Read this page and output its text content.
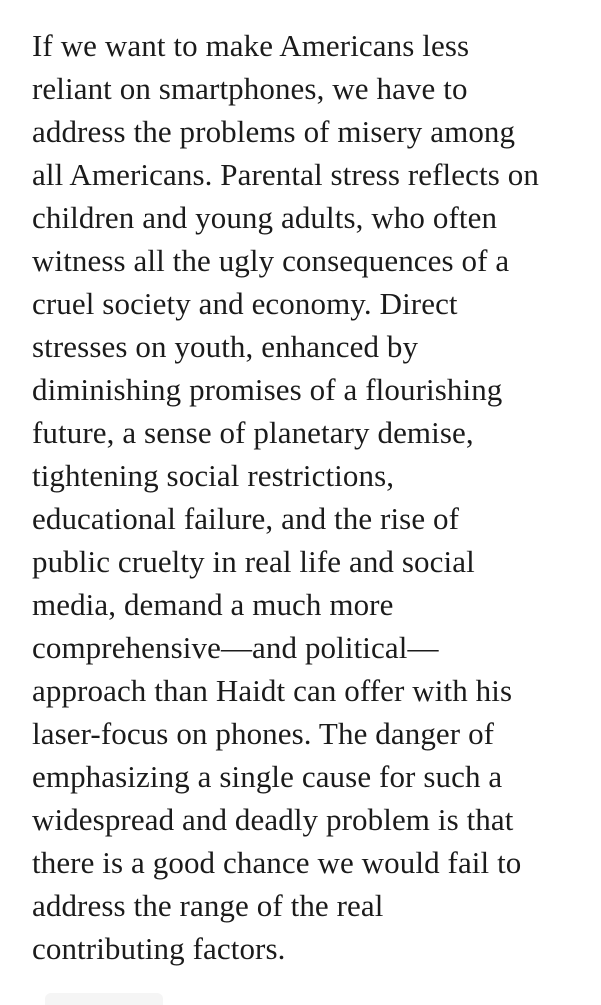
If we want to make Americans less
reliant on smartphones, we have to
address the problems of misery among
all Americans. Parental stress reflects on
children and young adults, who often
witness all the ugly consequences of a
cruel society and economy. Direct
stresses on youth, enhanced by
diminishing promises of a flourishing
future, a sense of planetary demise,
tightening social restrictions,
educational failure, and the rise of
public cruelty in real life and social
media, demand a much more
comprehensive—and political—
approach than Haidt can offer with his
laser-focus on phones. The danger of
emphasizing a single cause for such a
widespread and deadly problem is that
there is a good chance we would fail to
address the range of the real
contributing factors.
